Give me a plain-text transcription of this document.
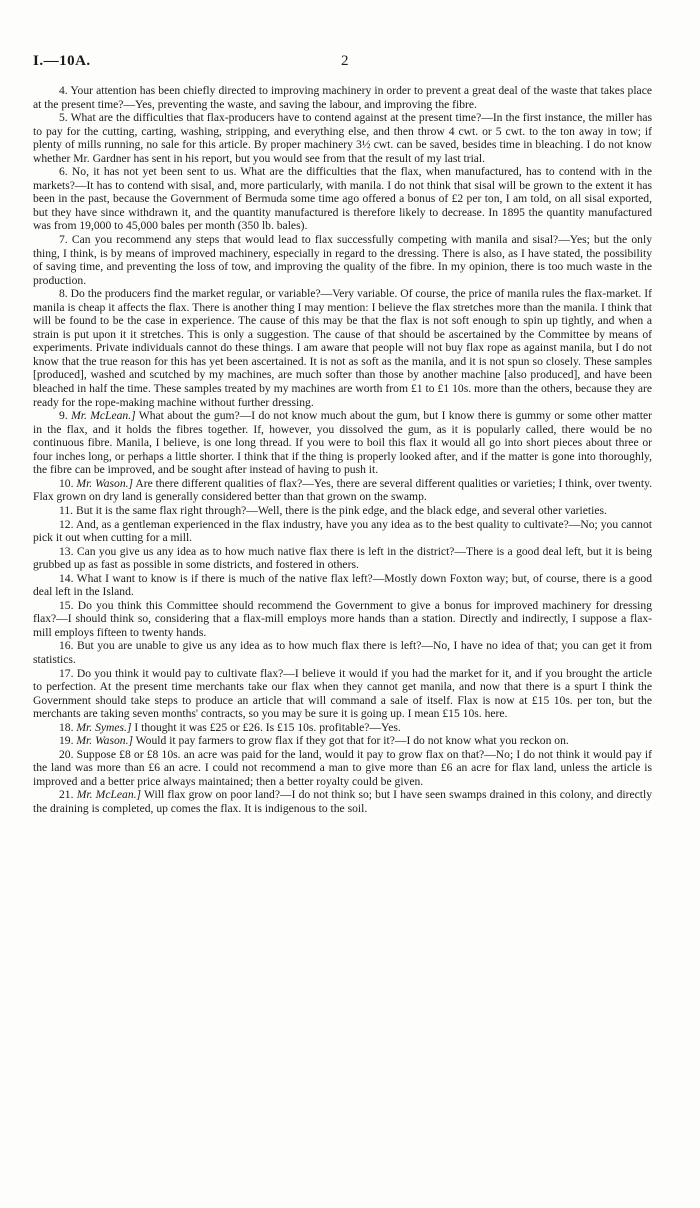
I.—10A.	2

4. Your attention has been chiefly directed to improving machinery in order to prevent a great deal of the waste that takes place at the present time?—Yes, preventing the waste, and saving the labour, and improving the fibre.

5. What are the difficulties that flax-producers have to contend against at the present time?—In the first instance, the miller has to pay for the cutting, carting, washing, stripping, and everything else, and then throw 4 cwt. or 5 cwt. to the ton away in tow; if plenty of mills running, no sale for this article. By proper machinery 3½ cwt. can be saved, besides time in bleaching. I do not know whether Mr. Gardner has sent in his report, but you would see from that the result of my last trial.

6. No, it has not yet been sent to us. What are the difficulties that the flax, when manufactured, has to contend with in the markets?—It has to contend with sisal, and, more particularly, with manila. I do not think that sisal will be grown to the extent it has been in the past, because the Government of Bermuda some time ago offered a bonus of £2 per ton, I am told, on all sisal exported, but they have since withdrawn it, and the quantity manufactured is therefore likely to decrease. In 1895 the quantity manufactured was from 19,000 to 45,000 bales per month (350 lb. bales).

7. Can you recommend any steps that would lead to flax successfully competing with manila and sisal?—Yes; but the only thing, I think, is by means of improved machinery, especially in regard to the dressing. There is also, as I have stated, the possibility of saving time, and preventing the loss of tow, and improving the quality of the fibre. In my opinion, there is too much waste in the production.

8. Do the producers find the market regular, or variable?—Very variable. Of course, the price of manila rules the flax-market. If manila is cheap it affects the flax. There is another thing I may mention: I believe the flax stretches more than the manila. I think that will be found to be the case in experience. The cause of this may be that the flax is not soft enough to spin up tightly, and when a strain is put upon it it stretches. This is only a suggestion. The cause of that should be ascertained by the Committee by means of experiments. Private individuals cannot do these things. I am aware that people will not buy flax rope as against manila, but I do not know that the true reason for this has yet been ascertained. It is not as soft as the manila, and it is not spun so closely. These samples [produced], washed and scutched by my machines, are much softer than those by another machine [also produced], and have been bleached in half the time. These samples treated by my machines are worth from £1 to £1 10s. more than the others, because they are ready for the rope-making machine without further dressing.

9. Mr. McLean.] What about the gum?—I do not know much about the gum, but I know there is gummy or some other matter in the flax, and it holds the fibres together. If, however, you dissolved the gum, as it is popularly called, there would be no continuous fibre. Manila, I believe, is one long thread. If you were to boil this flax it would all go into short pieces about three or four inches long, or perhaps a little shorter. I think that if the thing is properly looked after, and if the matter is gone into thoroughly, the fibre can be improved, and be sought after instead of having to push it.

10. Mr. Wason.] Are there different qualities of flax?—Yes, there are several different qualities or varieties; I think, over twenty. Flax grown on dry land is generally considered better than that grown on the swamp.

11. But it is the same flax right through?—Well, there is the pink edge, and the black edge, and several other varieties.

12. And, as a gentleman experienced in the flax industry, have you any idea as to the best quality to cultivate?—No; you cannot pick it out when cutting for a mill.

13. Can you give us any idea as to how much native flax there is left in the district?—There is a good deal left, but it is being grubbed up as fast as possible in some districts, and fostered in others.

14. What I want to know is if there is much of the native flax left?—Mostly down Foxton way; but, of course, there is a good deal left in the Island.

15. Do you think this Committee should recommend the Government to give a bonus for improved machinery for dressing flax?—I should think so, considering that a flax-mill employs more hands than a station. Directly and indirectly, I suppose a flax-mill employs fifteen to twenty hands.

16. But you are unable to give us any idea as to how much flax there is left?—No, I have no idea of that; you can get it from statistics.

17. Do you think it would pay to cultivate flax?—I believe it would if you had the market for it, and if you brought the article to perfection. At the present time merchants take our flax when they cannot get manila, and now that there is a spurt I think the Government should take steps to produce an article that will command a sale of itself. Flax is now at £15 10s. per ton, but the merchants are taking seven months' contracts, so you may be sure it is going up. I mean £15 10s. here.

18. Mr. Symes.] I thought it was £25 or £26. Is £15 10s. profitable?—Yes.

19. Mr. Wason.] Would it pay farmers to grow flax if they got that for it?—I do not know what you reckon on.

20. Suppose £8 or £8 10s. an acre was paid for the land, would it pay to grow flax on that?—No; I do not think it would pay if the land was more than £6 an acre. I could not recommend a man to give more than £6 an acre for flax land, unless the article is improved and a better price always maintained; then a better royalty could be given.

21. Mr. McLean.] Will flax grow on poor land?—I do not think so; but I have seen swamps drained in this colony, and directly the draining is completed, up comes the flax. It is indigenous to the soil.
